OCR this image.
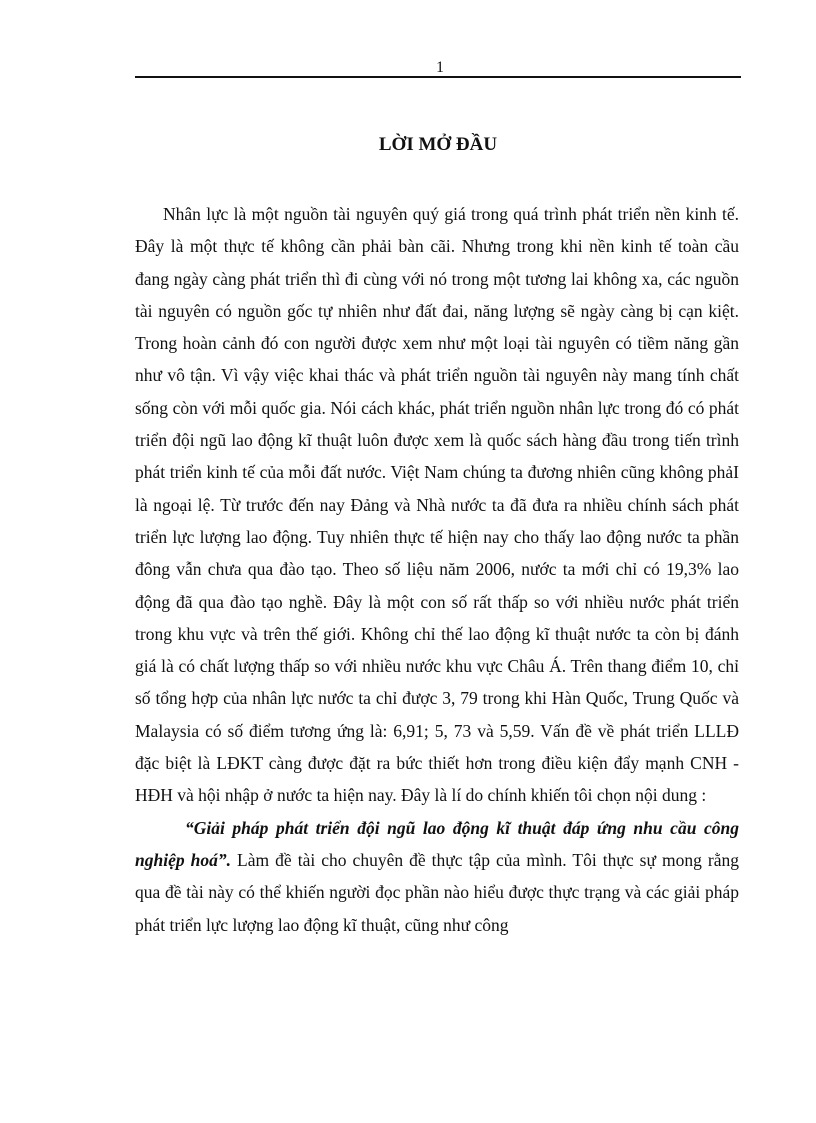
1
LỜI MỞ ĐẦU

Nhân lực là một nguồn tài nguyên quý giá trong quá trình phát triển nền kinh tế. Đây là một thực tế không cần phải bàn cãi. Nhưng trong khi nền kinh tế toàn cầu đang ngày càng phát triển thì đi cùng với nó trong một tương lai không xa, các nguồn tài nguyên có nguồn gốc tự nhiên như đất đai, năng lượng sẽ ngày càng bị cạn kiệt. Trong hoàn cảnh đó con người được xem như một loại tài nguyên có tiềm năng gần như vô tận. Vì vậy việc khai thác và phát triển nguồn tài nguyên này mang tính chất sống còn với mỗi quốc gia. Nói cách khác, phát triển nguồn nhân lực trong đó có phát triển đội ngũ lao động kĩ thuật luôn được xem là quốc sách hàng đầu trong tiến trình phát triển kinh tế của mỗi đất nước. Việt Nam chúng ta đương nhiên cũng không phảI là ngoại lệ. Từ trước đến nay Đảng và Nhà nước ta đã đưa ra nhiều chính sách phát triển lực lượng lao động. Tuy nhiên thực tế hiện nay cho thấy lao động nước ta phần đông vẫn chưa qua đào tạo. Theo số liệu năm 2006, nước ta mới chỉ có 19,3% lao động đã qua đào tạo nghề. Đây là một con số rất thấp so với nhiều nước phát triển trong khu vực và trên thế giới. Không chỉ thế lao động kĩ thuật nước ta còn bị đánh giá là có chất lượng thấp so với nhiều nước khu vực Châu Á. Trên thang điểm 10, chỉ số tổng hợp của nhân lực nước ta chỉ được 3, 79 trong khi Hàn Quốc, Trung Quốc và Malaysia có số điểm tương ứng là: 6,91; 5, 73 và 5,59. Vấn đề về phát triển LLLĐ đặc biệt là LĐKT càng được đặt ra bức thiết hơn trong điều kiện đẩy mạnh CNH - HĐH và hội nhập ở nước ta hiện nay. Đây là lí do chính khiến tôi chọn nội dung :

“Giải pháp phát triển đội ngũ lao động kĩ thuật đáp ứng nhu cầu công nghiệp hoá”. Làm đề tài cho chuyên đề thực tập của mình. Tôi thực sự mong rằng qua đề tài này có thể khiến người đọc phần nào hiểu được thực trạng và các giải pháp phát triển lực lượng lao động kĩ thuật, cũng như công
